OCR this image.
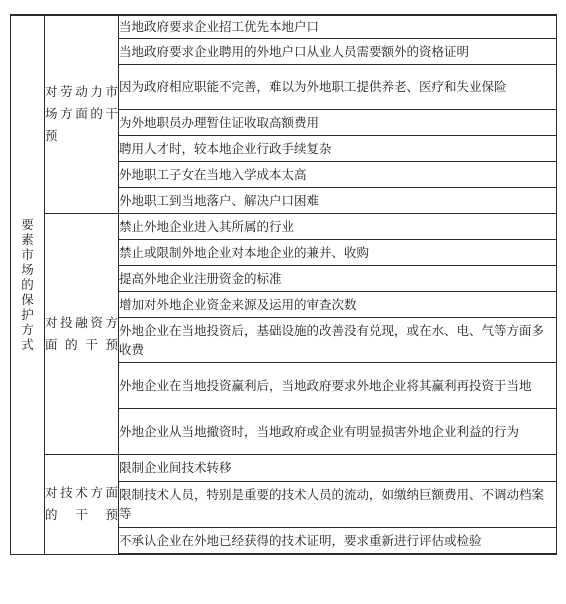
要素市场的保护方式	对劳动力市场方面的干预	当地政府要求企业招工优先本地户口
		当地政府要求企业聘用的外地户口从业人员需要额外的资格证明
		因为政府相应职能不完善，难以为外地职工提供养老、医疗和失业保险
		为外地职员办理暂住证收取高额费用
		聘用人才时，较本地企业行政手续复杂
		外地职工子女在当地入学成本太高
		外地职工到当地落户、解决户口困难
	对投融资方面的干预	禁止外地企业进入其所属的行业
		禁止或限制外地企业对本地企业的兼并、收购
		提高外地企业注册资金的标准
		增加对外地企业资金来源及运用的审查次数
		外地企业在当地投资后，基础设施的改善没有兑现，或在水、电、气等方面多收费
		外地企业在当地投资赢利后，当地政府要求外地企业将其赢利再投资于当地
		外地企业从当地撤资时，当地政府或企业有明显损害外地企业利益的行为
	对技术方面的干预	限制企业间技术转移
		限制技术人员，特别是重要的技术人员的流动，如缴纳巨额费用、不调动档案等
		不承认企业在外地已经获得的技术证明，要求重新进行评估或检验
